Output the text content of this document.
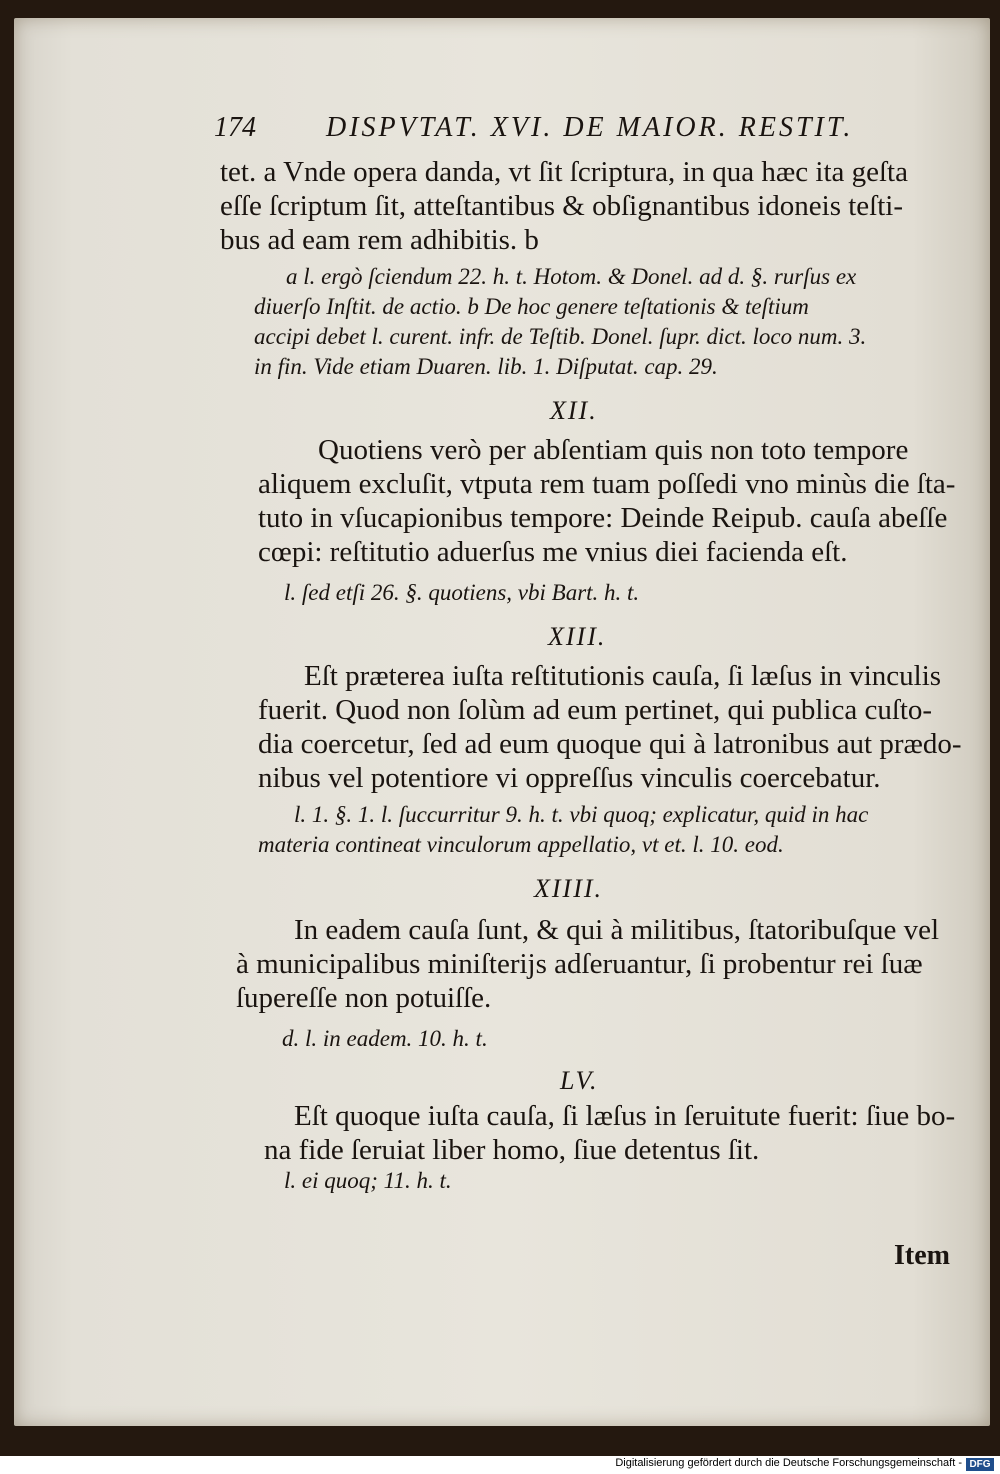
174	DISPVTAT. XVI. DE MAIOR. RESTIT.
tet. a Vnde opera danda, vt ſit ſcriptura, in qua hæc ita geſta
eſſe ſcriptum ſit, atteſtantibus & obſignantibus idoneis teſti-
bus ad eam rem adhibitis. b
a l. ergò ſciendum 22. h. t. Hotom. & Donel. ad d. §. rurſus ex
diuerſo Inſtit. de actio. b De hoc genere teſtationis & teſtium
accipi debet l. curent. infr. de Teſtib. Donel. ſupr. dict. loco num. 3.
in fin. Vide etiam Duaren. lib. 1. Diſputat. cap. 29.
XII.
Quotiens verò per abſentiam quis non toto tempore
aliquem excluſit, vtputa rem tuam poſſedi vno minùs die ſta-
tuto in vſucapionibus tempore: Deinde Reipub. cauſa abeſſe
cœpi: reſtitutio aduerſus me vnius diei facienda eſt.
l. ſed etſi 26. §. quotiens, vbi Bart. h. t.
XIII.
Eſt præterea iuſta reſtitutionis cauſa, ſi læſus in vinculis
fuerit. Quod non ſolùm ad eum pertinet, qui publica cuſto-
dia coercetur, ſed ad eum quoque qui à latronibus aut prædo-
nibus vel potentiore vi oppreſſus vinculis coercebatur.
l. 1. §. 1. l. ſuccurritur 9. h. t. vbi quoq; explicatur, quid in hac
materia contineat vinculorum appellatio, vt et. l. 10. eod.
XIIII.
In eadem cauſa ſunt, & qui à militibus, ſtatoribuſque vel
à municipalibus miniſterijs adſeruantur, ſi probentur rei ſuæ
ſupereſſe non potuiſſe.
d. l. in eadem. 10. h. t.
LV.
Eſt quoque iuſta cauſa, ſi læſus in ſeruitute fuerit: ſiue bo-
na fide ſeruiat liber homo, ſiue detentus ſit.
l. ei quoq; 11. h. t.
Item
Digitalisierung gefördert durch die Deutsche Forschungsgemeinschaft - DFG
